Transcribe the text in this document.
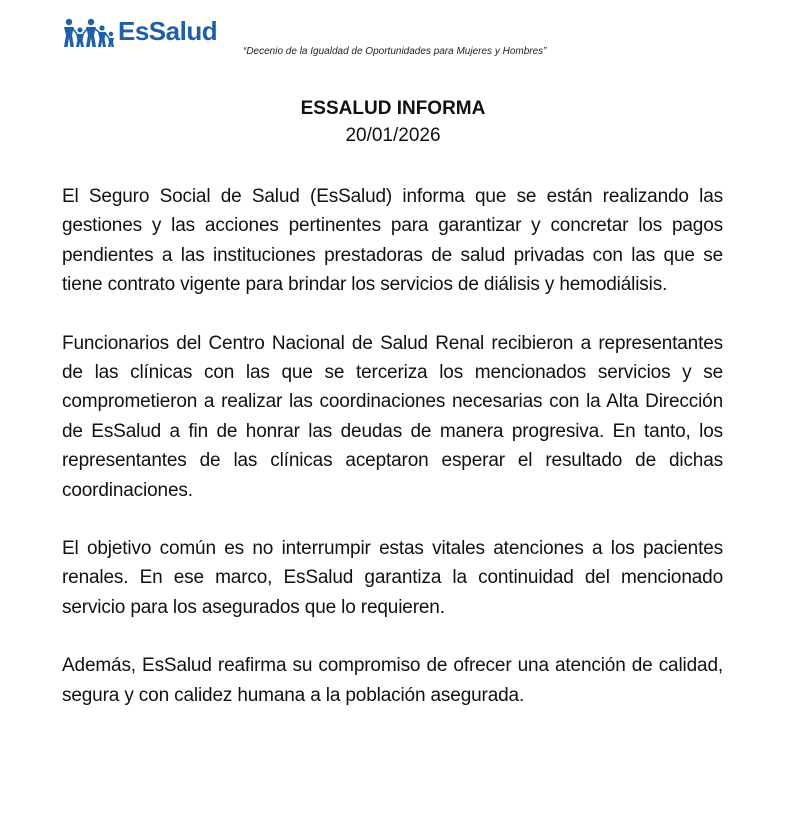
EsSalud
“Decenio de la Igualdad de Oportunidades para Mujeres y Hombres”
ESSALUD INFORMA
20/01/2026

El Seguro Social de Salud (EsSalud) informa que se están realizando las gestiones y las acciones pertinentes para garantizar y concretar los pagos pendientes a las instituciones prestadoras de salud privadas con las que se tiene contrato vigente para brindar los servicios de diálisis y hemodiálisis.

Funcionarios del Centro Nacional de Salud Renal recibieron a representantes de las clínicas con las que se terceriza los mencionados servicios y se comprometieron a realizar las coordinaciones necesarias con la Alta Dirección de EsSalud a fin de honrar las deudas de manera progresiva. En tanto, los representantes de las clínicas aceptaron esperar el resultado de dichas coordinaciones.

El objetivo común es no interrumpir estas vitales atenciones a los pacientes renales. En ese marco, EsSalud garantiza la continuidad del mencionado servicio para los asegurados que lo requieren.

Además, EsSalud reafirma su compromiso de ofrecer una atención de calidad, segura y con calidez humana a la población asegurada.
